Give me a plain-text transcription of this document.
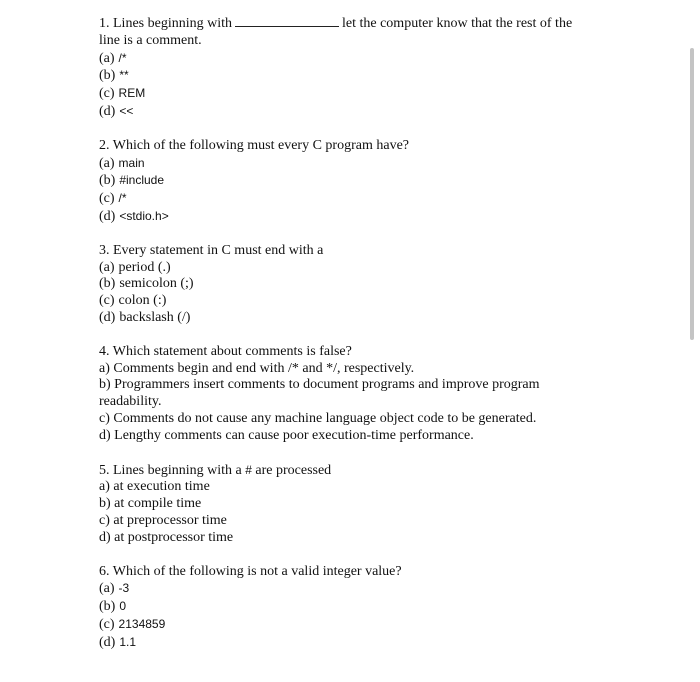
1. Lines beginning with	let the computer know that the rest of the
line is a comment.
(a) /*
(b) **
(c) REM
(d) <<
2. Which of the following must every C program have?
(a) main
(b) #include
(c) /*
(d) <stdio.h>
3. Every statement in C must end with a
(a) period (.)
(b) semicolon (;)
(c) colon (:)
(d) backslash (/)
4. Which statement about comments is false?
a) Comments begin and end with /* and */, respectively.
b) Programmers insert comments to document programs and improve program readability.
c) Comments do not cause any machine language object code to be generated.
d) Lengthy comments can cause poor execution-time performance.
5. Lines beginning with a # are processed
a) at execution time
b) at compile time
c) at preprocessor time
d) at postprocessor time
6. Which of the following is not a valid integer value?
(a) -3
(b) 0
(c) 2134859
(d) 1.1
